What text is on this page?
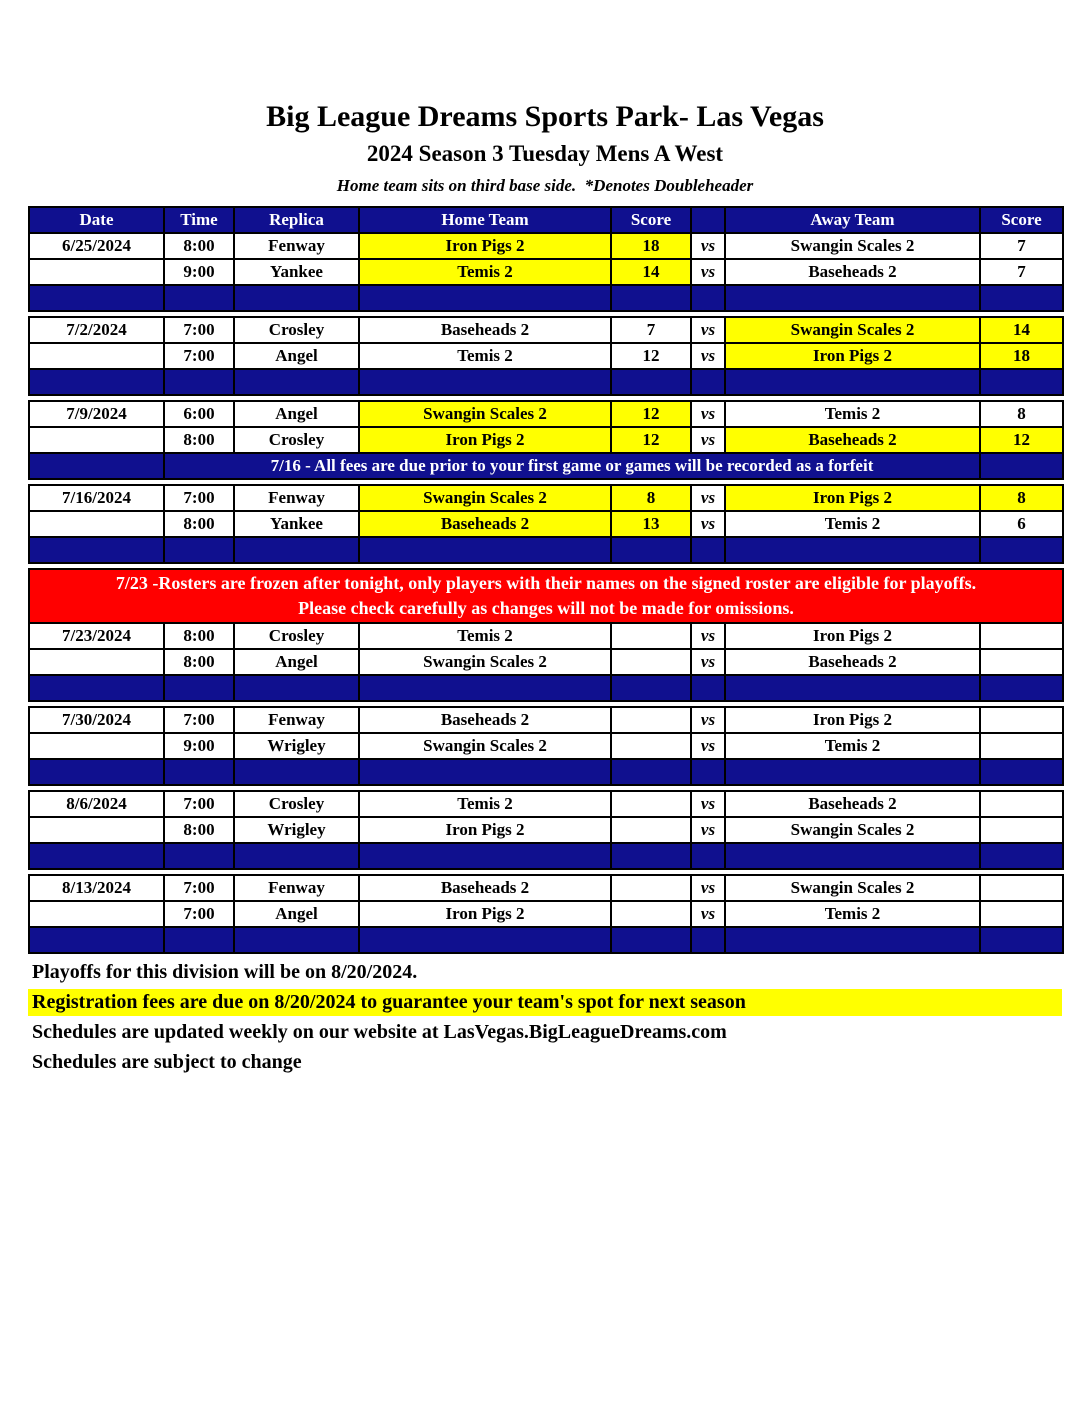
Big League Dreams Sports Park- Las Vegas
2024 Season 3 Tuesday Mens A West
Home team sits on third base side.  *Denotes Doubleheader
Date	Time	Replica	Home Team	Score		Away Team	Score
6/25/2024	8:00	Fenway	Iron Pigs 2	18	vs	Swangin Scales 2	7
	9:00	Yankee	Temis 2	14	vs	Baseheads 2	7

7/2/2024	7:00	Crosley	Baseheads 2	7	vs	Swangin Scales 2	14
	7:00	Angel	Temis 2	12	vs	Iron Pigs 2	18

7/9/2024	6:00	Angel	Swangin Scales 2	12	vs	Temis 2	8
	8:00	Crosley	Iron Pigs 2	12	vs	Baseheads 2	12
	7/16 - All fees are due prior to your first game or games will be recorded as a forfeit						

7/16/2024	7:00	Fenway	Swangin Scales 2	8	vs	Iron Pigs 2	8
	8:00	Yankee	Baseheads 2	13	vs	Temis 2	6

7/23 -Rosters are frozen after tonight, only players with their names on the signed roster are eligible for playoffs.
Please check carefully as changes will not be made for omissions.							

7/23/2024	8:00	Crosley	Temis 2		vs	Iron Pigs 2	
	8:00	Angel	Swangin Scales 2		vs	Baseheads 2	

7/30/2024	7:00	Fenway	Baseheads 2		vs	Iron Pigs 2	
	9:00	Wrigley	Swangin Scales 2		vs	Temis 2	

8/6/2024	7:00	Crosley	Temis 2		vs	Baseheads 2	
	8:00	Wrigley	Iron Pigs 2		vs	Swangin Scales 2	

8/13/2024	7:00	Fenway	Baseheads 2		vs	Swangin Scales 2	
	7:00	Angel	Iron Pigs 2		vs	Temis 2	

Playoffs for this division will be on 8/20/2024.
Registration fees are due on 8/20/2024 to guarantee your team's spot for next season
Schedules are updated weekly on our website at LasVegas.BigLeagueDreams.com
Schedules are subject to change
